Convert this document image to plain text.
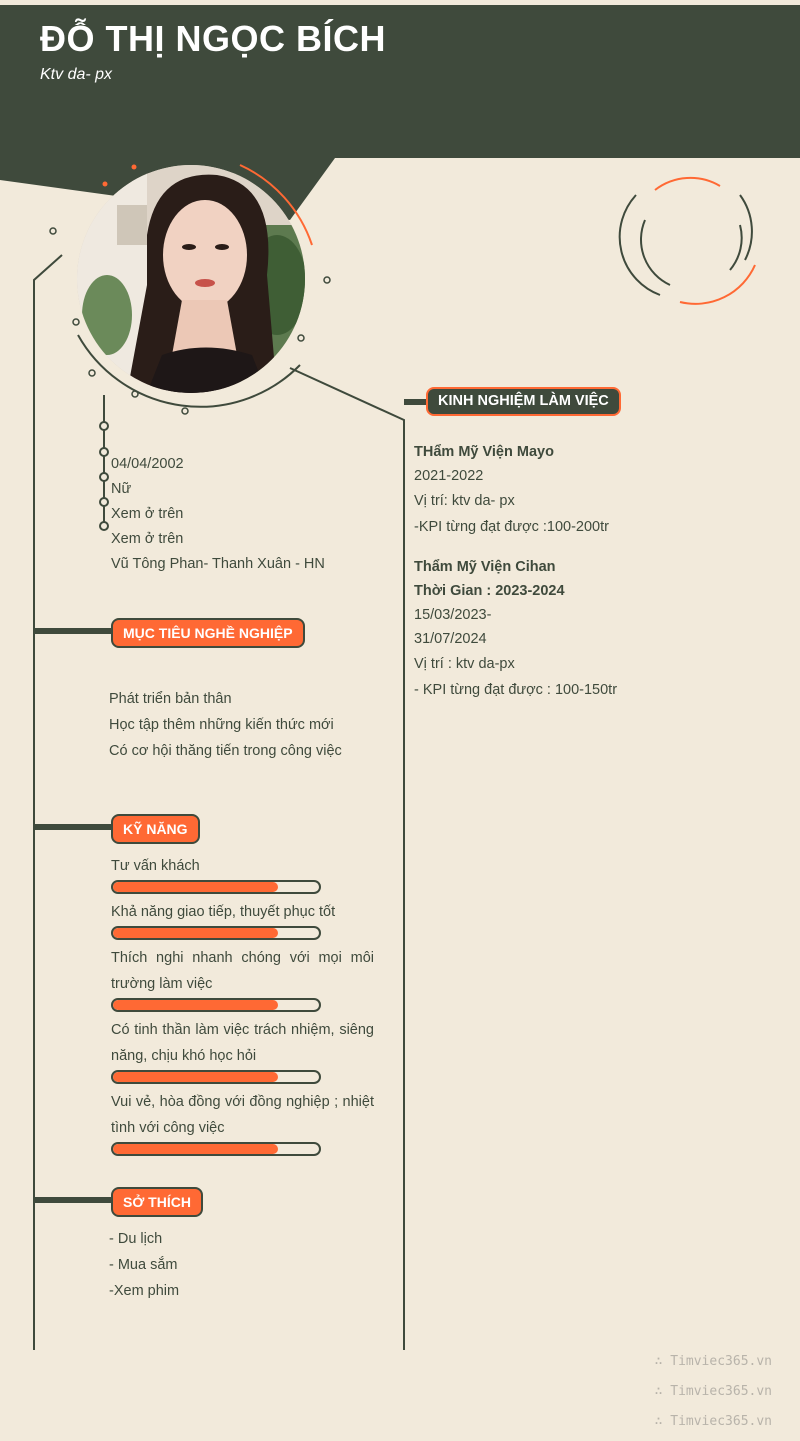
ĐỖ THỊ NGỌC BÍCH
Ktv da- px
04/04/2002
Nữ
Xem ở trên
Xem ở trên
Vũ Tông Phan- Thanh Xuân - HN
MỤC TIÊU NGHỀ NGHIỆP
Phát triển bản thân
Học tập thêm những kiến thức mới
Có cơ hội thăng tiến trong công việc
KỸ NĂNG
Tư vấn khách
Khả năng giao tiếp, thuyết phục tốt
Thích nghi nhanh chóng với mọi môi trường làm việc
Có tinh thần làm việc trách nhiệm, siêng năng, chịu khó học hỏi
Vui vẻ, hòa đồng với đồng nghiệp ; nhiệt tình với công việc
SỞ THÍCH
- Du lịch
- Mua sắm
-Xem phim
KINH NGHIỆM LÀM VIỆC
THẩm Mỹ Viện Mayo
2021-2022
Vị trí: ktv da- px
-KPI từng đạt được :100-200tr
Thẩm Mỹ Viện Cihan
Thời Gian : 2023-2024
15/03/2023-
31/07/2024
Vị trí : ktv da-px
- KPI từng đạt được : 100-150tr
∴ Timviec365.vn
∴ Timviec365.vn
∴ Timviec365.vn
